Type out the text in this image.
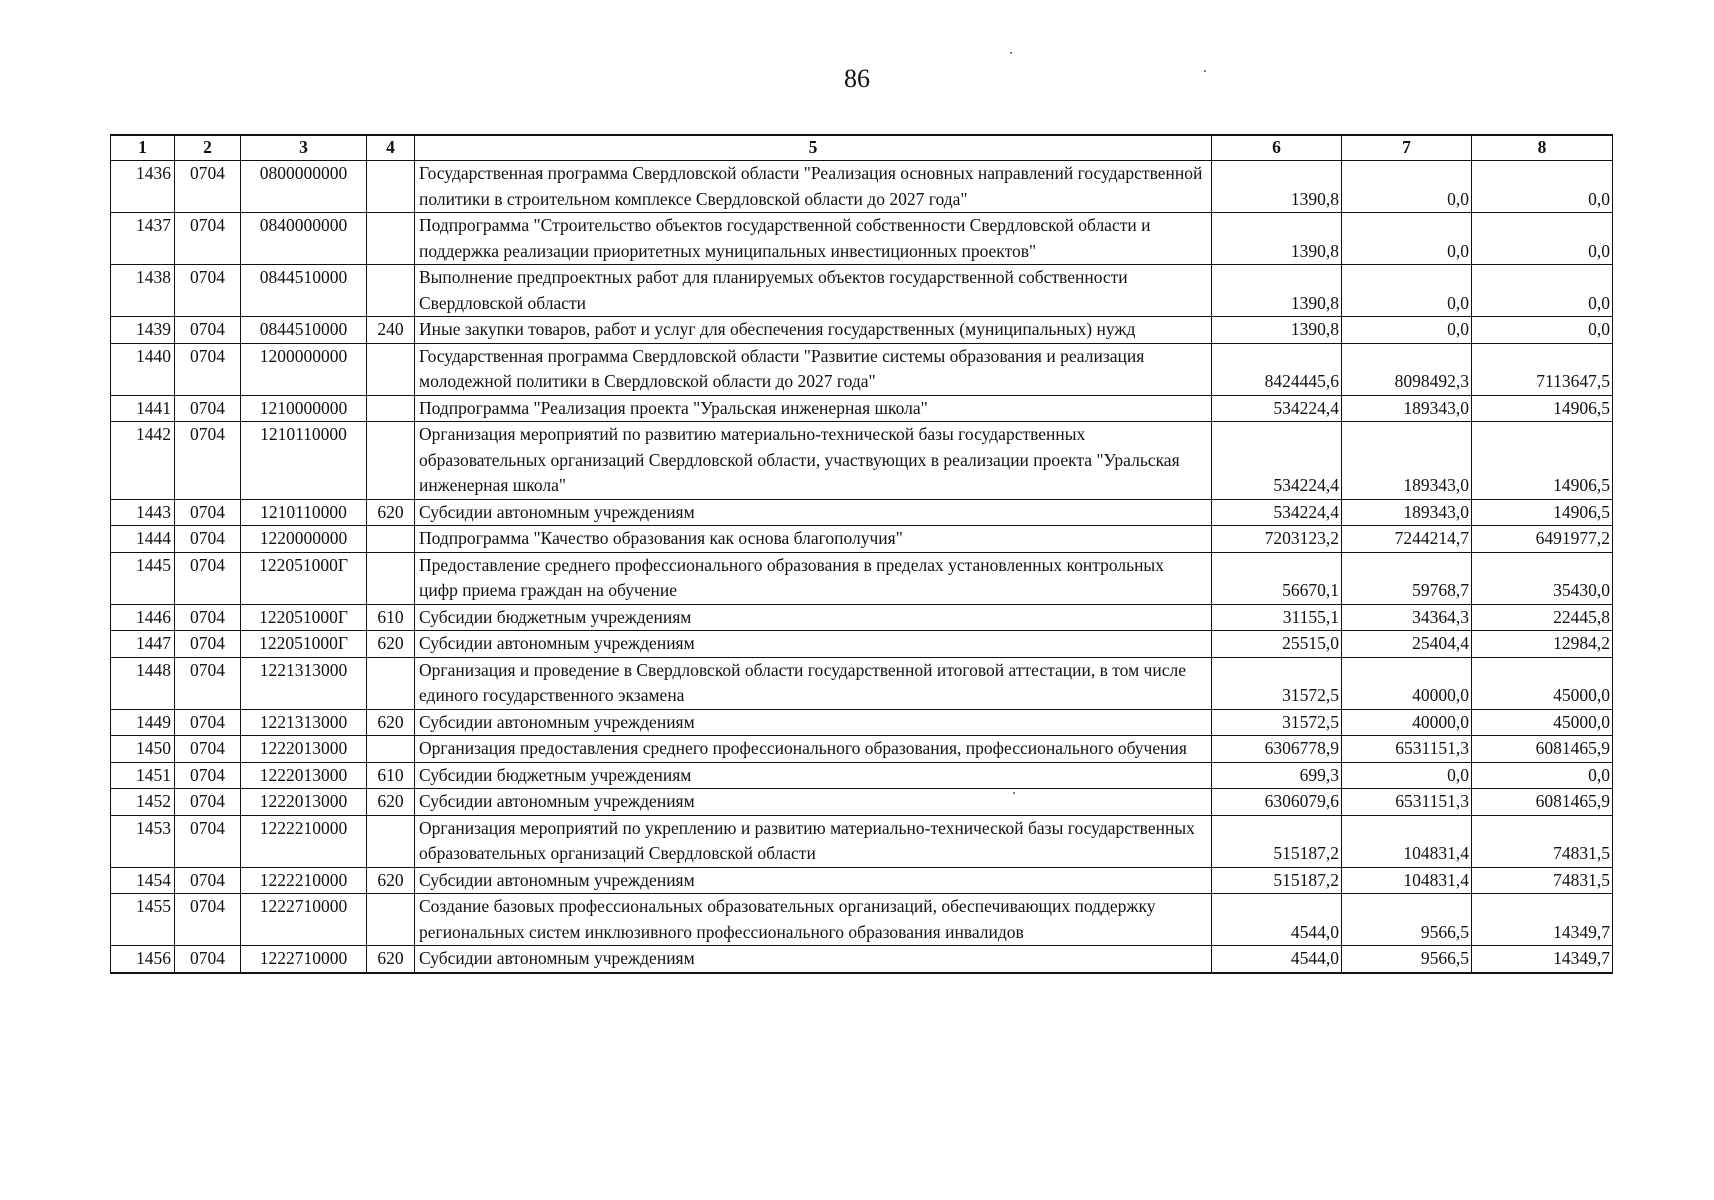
86
1	2	3	4	5	6	7	8
1436	0704	0800000000		Государственная программа Свердловской области "Реализация основных направлений государственной политики в строительном комплексе Свердловской области до 2027 года"	1390,8	0,0	0,0
1437	0704	0840000000		Подпрограмма "Строительство объектов государственной собственности Свердловской области и поддержка реализации приоритетных муниципальных инвестиционных проектов"	1390,8	0,0	0,0
1438	0704	0844510000		Выполнение предпроектных работ для планируемых объектов государственной собственности Свердловской области	1390,8	0,0	0,0
1439	0704	0844510000	240	Иные закупки товаров, работ и услуг для обеспечения государственных (муниципальных) нужд	1390,8	0,0	0,0
1440	0704	1200000000		Государственная программа Свердловской области "Развитие системы образования и реализация молодежной политики в Свердловской области до 2027 года"	8424445,6	8098492,3	7113647,5
1441	0704	1210000000		Подпрограмма "Реализация проекта "Уральская инженерная школа"	534224,4	189343,0	14906,5
1442	0704	1210110000		Организация мероприятий по развитию материально-технической базы государственных образовательных организаций Свердловской области, участвующих в реализации проекта "Уральская инженерная школа"	534224,4	189343,0	14906,5
1443	0704	1210110000	620	Субсидии автономным учреждениям	534224,4	189343,0	14906,5
1444	0704	1220000000		Подпрограмма "Качество образования как основа благополучия"	7203123,2	7244214,7	6491977,2
1445	0704	122051000Г		Предоставление среднего профессионального образования в пределах установленных контрольных цифр приема граждан на обучение	56670,1	59768,7	35430,0
1446	0704	122051000Г	610	Субсидии бюджетным учреждениям	31155,1	34364,3	22445,8
1447	0704	122051000Г	620	Субсидии автономным учреждениям	25515,0	25404,4	12984,2
1448	0704	1221313000		Организация и проведение в Свердловской области государственной итоговой аттестации, в том числе единого государственного экзамена	31572,5	40000,0	45000,0
1449	0704	1221313000	620	Субсидии автономным учреждениям	31572,5	40000,0	45000,0
1450	0704	1222013000		Организация предоставления среднего профессионального образования, профессионального обучения	6306778,9	6531151,3	6081465,9
1451	0704	1222013000	610	Субсидии бюджетным учреждениям	699,3	0,0	0,0
1452	0704	1222013000	620	Субсидии автономным учреждениям	6306079,6	6531151,3	6081465,9
1453	0704	1222210000		Организация мероприятий по укреплению и развитию материально-технической базы государственных образовательных организаций Свердловской области	515187,2	104831,4	74831,5
1454	0704	1222210000	620	Субсидии автономным учреждениям	515187,2	104831,4	74831,5
1455	0704	1222710000		Создание базовых профессиональных образовательных организаций, обеспечивающих поддержку региональных систем инклюзивного профессионального образования инвалидов	4544,0	9566,5	14349,7
1456	0704	1222710000	620	Субсидии автономным учреждениям	4544,0	9566,5	14349,7
